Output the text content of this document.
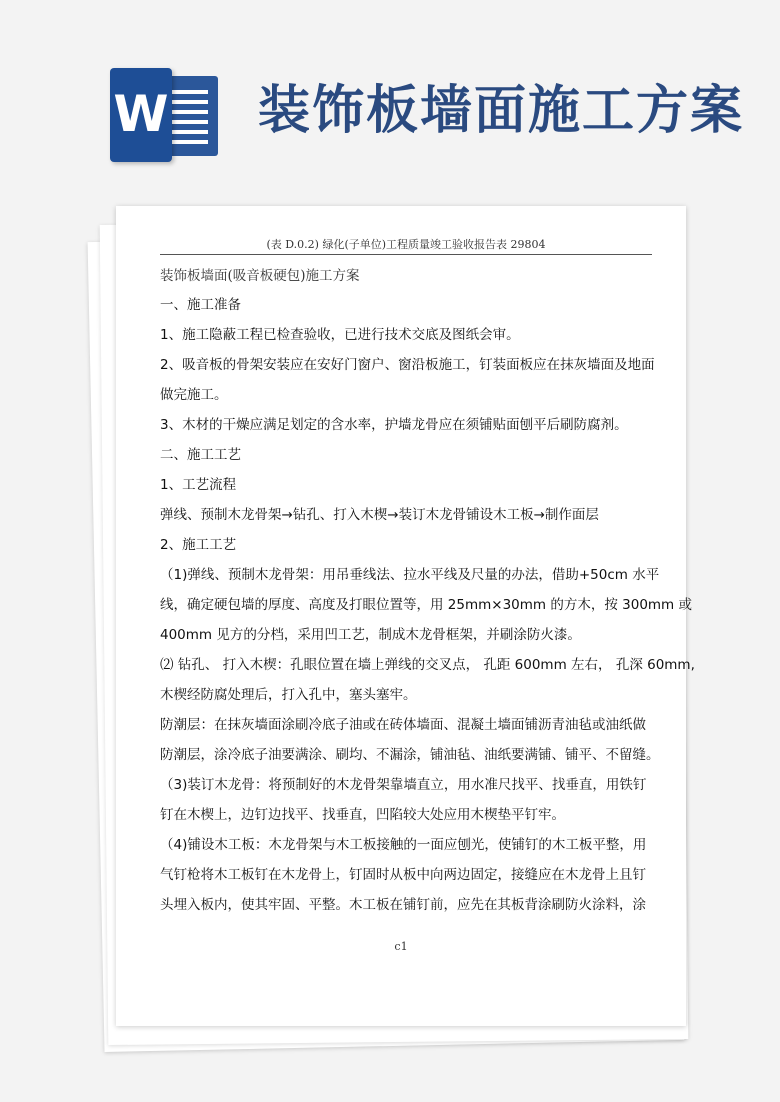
W 装饰板墙面施工方案
(表 D.0.2) 绿化(子单位)工程质量竣工验收报告表 29804
装饰板墙面(吸音板硬包)施工方案
一、施工准备
1、施工隐蔽工程已检查验收，已进行技术交底及图纸会审。
2、吸音板的骨架安装应在安好门窗户、窗沿板施工，钉装面板应在抹灰墙面及地面
做完施工。
3、木材的干燥应满足划定的含水率，护墙龙骨应在须铺贴面刨平后刷防腐剂。
二、施工工艺
1、工艺流程
弹线、预制木龙骨架→钻孔、打入木楔→装订木龙骨铺设木工板→制作面层
2、施工工艺
（1)弹线、预制木龙骨架：用吊垂线法、拉水平线及尺量的办法，借助+50cm 水平
线，确定硬包墙的厚度、高度及打眼位置等，用 25mm×30mm 的方木，按 300mm 或
400mm 见方的分档，采用凹工艺，制成木龙骨框架，并刷涂防火漆。
⑵ 钻孔、 打入木楔：孔眼位置在墙上弹线的交叉点， 孔距 600mm 左右， 孔深 60mm,
木楔经防腐处理后，打入孔中，塞头塞牢。
防潮层：在抹灰墙面涂刷冷底子油或在砖体墙面、混凝土墙面铺沥青油毡或油纸做
防潮层，涂冷底子油要满涂、刷均、不漏涂，铺油毡、油纸要满铺、铺平、不留缝。
（3)装订木龙骨：将预制好的木龙骨架靠墙直立，用水准尺找平、找垂直，用铁钉
钉在木楔上，边钉边找平、找垂直，凹陷较大处应用木楔垫平钉牢。
（4)铺设木工板：木龙骨架与木工板接触的一面应刨光，使铺钉的木工板平整，用
气钉枪将木工板钉在木龙骨上，钉固时从板中向两边固定，接缝应在木龙骨上且钉
头埋入板内，使其牢固、平整。木工板在铺钉前，应先在其板背涂刷防火涂料，涂
c1
